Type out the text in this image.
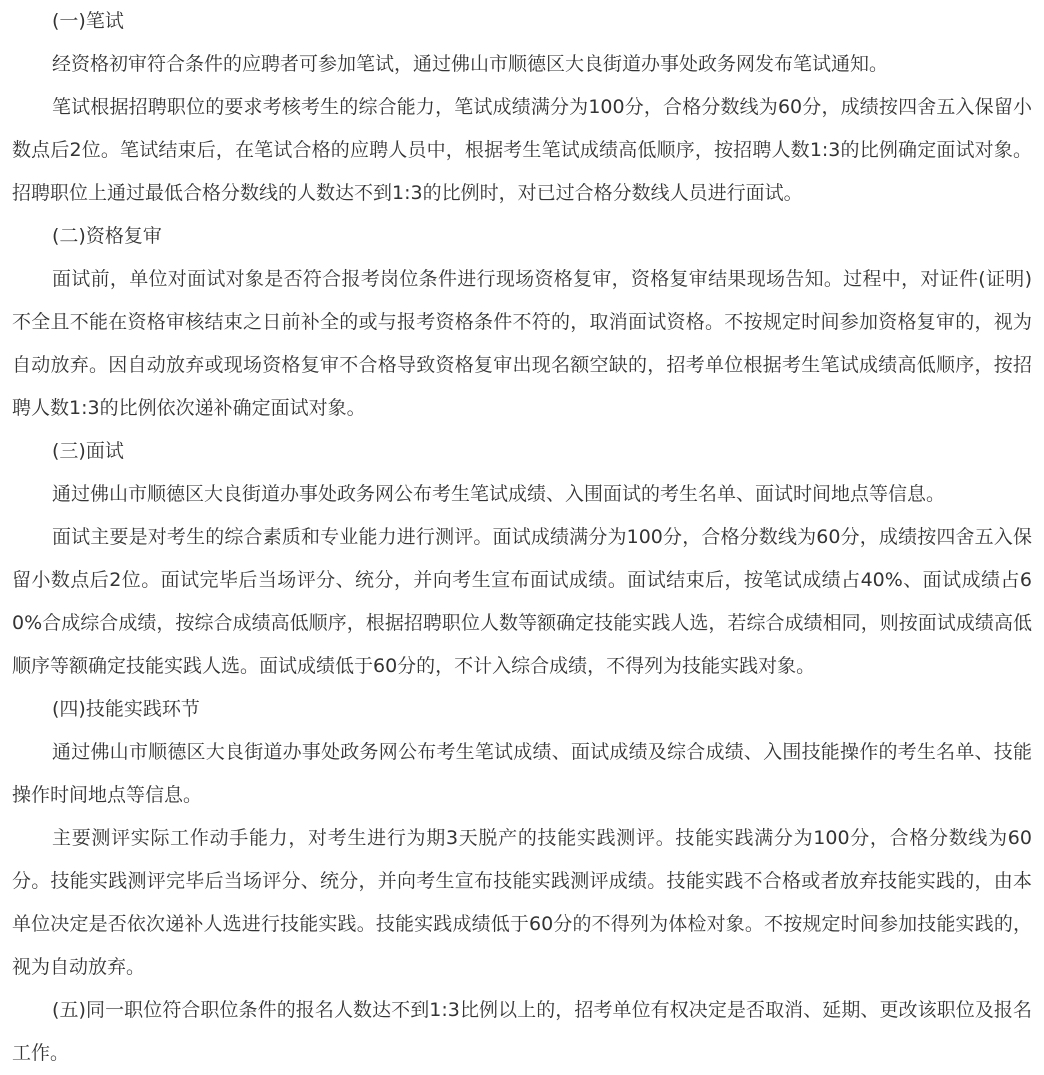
(一)笔试

经资格初审符合条件的应聘者可参加笔试，通过佛山市顺德区大良街道办事处政务网发布笔试通知。

笔试根据招聘职位的要求考核考生的综合能力，笔试成绩满分为100分，合格分数线为60分，成绩按四舍五入保留小数点后2位。笔试结束后，在笔试合格的应聘人员中，根据考生笔试成绩高低顺序，按招聘人数1:3的比例确定面试对象。招聘职位上通过最低合格分数线的人数达不到1:3的比例时，对已过合格分数线人员进行面试。

(二)资格复审

面试前，单位对面试对象是否符合报考岗位条件进行现场资格复审，资格复审结果现场告知。过程中，对证件(证明)不全且不能在资格审核结束之日前补全的或与报考资格条件不符的，取消面试资格。不按规定时间参加资格复审的，视为自动放弃。因自动放弃或现场资格复审不合格导致资格复审出现名额空缺的，招考单位根据考生笔试成绩高低顺序，按招聘人数1:3的比例依次递补确定面试对象。

(三)面试

通过佛山市顺德区大良街道办事处政务网公布考生笔试成绩、入围面试的考生名单、面试时间地点等信息。

面试主要是对考生的综合素质和专业能力进行测评。面试成绩满分为100分，合格分数线为60分，成绩按四舍五入保留小数点后2位。面试完毕后当场评分、统分，并向考生宣布面试成绩。面试结束后，按笔试成绩占40%、面试成绩占60%合成综合成绩，按综合成绩高低顺序，根据招聘职位人数等额确定技能实践人选，若综合成绩相同，则按面试成绩高低顺序等额确定技能实践人选。面试成绩低于60分的，不计入综合成绩，不得列为技能实践对象。

(四)技能实践环节

通过佛山市顺德区大良街道办事处政务网公布考生笔试成绩、面试成绩及综合成绩、入围技能操作的考生名单、技能操作时间地点等信息。

主要测评实际工作动手能力，对考生进行为期3天脱产的技能实践测评。技能实践满分为100分，合格分数线为60分。技能实践测评完毕后当场评分、统分，并向考生宣布技能实践测评成绩。技能实践不合格或者放弃技能实践的，由本单位决定是否依次递补人选进行技能实践。技能实践成绩低于60分的不得列为体检对象。不按规定时间参加技能实践的，视为自动放弃。

(五)同一职位符合职位条件的报名人数达不到1:3比例以上的，招考单位有权决定是否取消、延期、更改该职位及报名工作。
